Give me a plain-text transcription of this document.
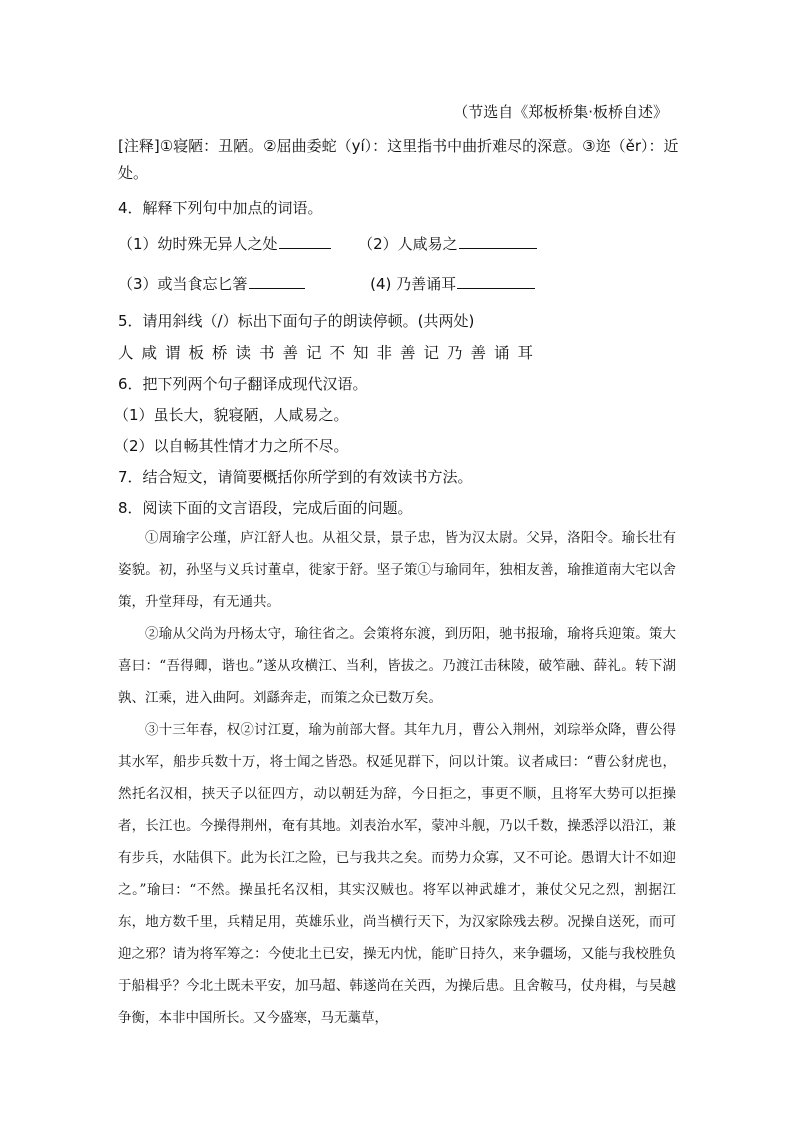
（节选自《郑板桥集·板桥自述》
[注释]①寝陋：丑陋。②屈曲委蛇（yí）：这里指书中曲折难尽的深意。③迩（ěr）：近
处。
4．解释下列句中加点的词语。
（1）幼时殊无异人之处	（2）人咸易之
（3）或当食忘匕箸	(4) 乃善诵耳
5．请用斜线（/）标出下面句子的朗读停顿。(共两处)
人咸谓板桥读书善记不知非善记乃善诵耳
6．把下列两个句子翻译成现代汉语。
（1）虽长大，貌寝陋，人咸易之。
（2）以自畅其性情才力之所不尽。
7．结合短文，请简要概括你所学到的有效读书方法。
8．阅读下面的文言语段，完成后面的问题。
①周瑜字公瑾，庐江舒人也。从祖父景，景子忠，皆为汉太尉。父异，洛阳令。瑜长壮有姿貌。初，孙坚与义兵讨董卓，徙家于舒。坚子策①与瑜同年，独相友善，瑜推道南大宅以舍策，升堂拜母，有无通共。
②瑜从父尚为丹杨太守，瑜往省之。会策将东渡，到历阳，驰书报瑜，瑜将兵迎策。策大喜曰：“吾得卿，谐也。”遂从攻横江、当利，皆拔之。乃渡江击秣陵，破笮融、薛礼。转下湖孰、江乘，进入曲阿。刘繇奔走，而策之众已数万矣。
③十三年春，权②讨江夏，瑜为前部大督。其年九月，曹公入荆州，刘琮举众降，曹公得其水军，船步兵数十万，将士闻之皆恐。权延见群下，问以计策。议者咸曰：“曹公豺虎也，然托名汉相，挟天子以征四方，动以朝廷为辞，今日拒之，事更不顺，且将军大势可以拒操者，长江也。今操得荆州，奄有其地。刘表治水军，蒙冲斗舰，乃以千数，操悉浮以沿江，兼有步兵，水陆俱下。此为长江之险，已与我共之矣。而势力众寡，又不可论。愚谓大计不如迎之。”瑜曰：“不然。操虽托名汉相，其实汉贼也。将军以神武雄才，兼仗父兄之烈，割据江东，地方数千里，兵精足用，英雄乐业，尚当横行天下，为汉家除残去秽。况操自送死，而可迎之邪？请为将军筹之：今使北土已安，操无内忧，能旷日持久，来争疆场，又能与我校胜负于船楫乎？今北土既未平安，加马超、韩遂尚在关西，为操后患。且舍鞍马，仗舟楫，与吴越争衡，本非中国所长。又今盛寒，马无藁草，
